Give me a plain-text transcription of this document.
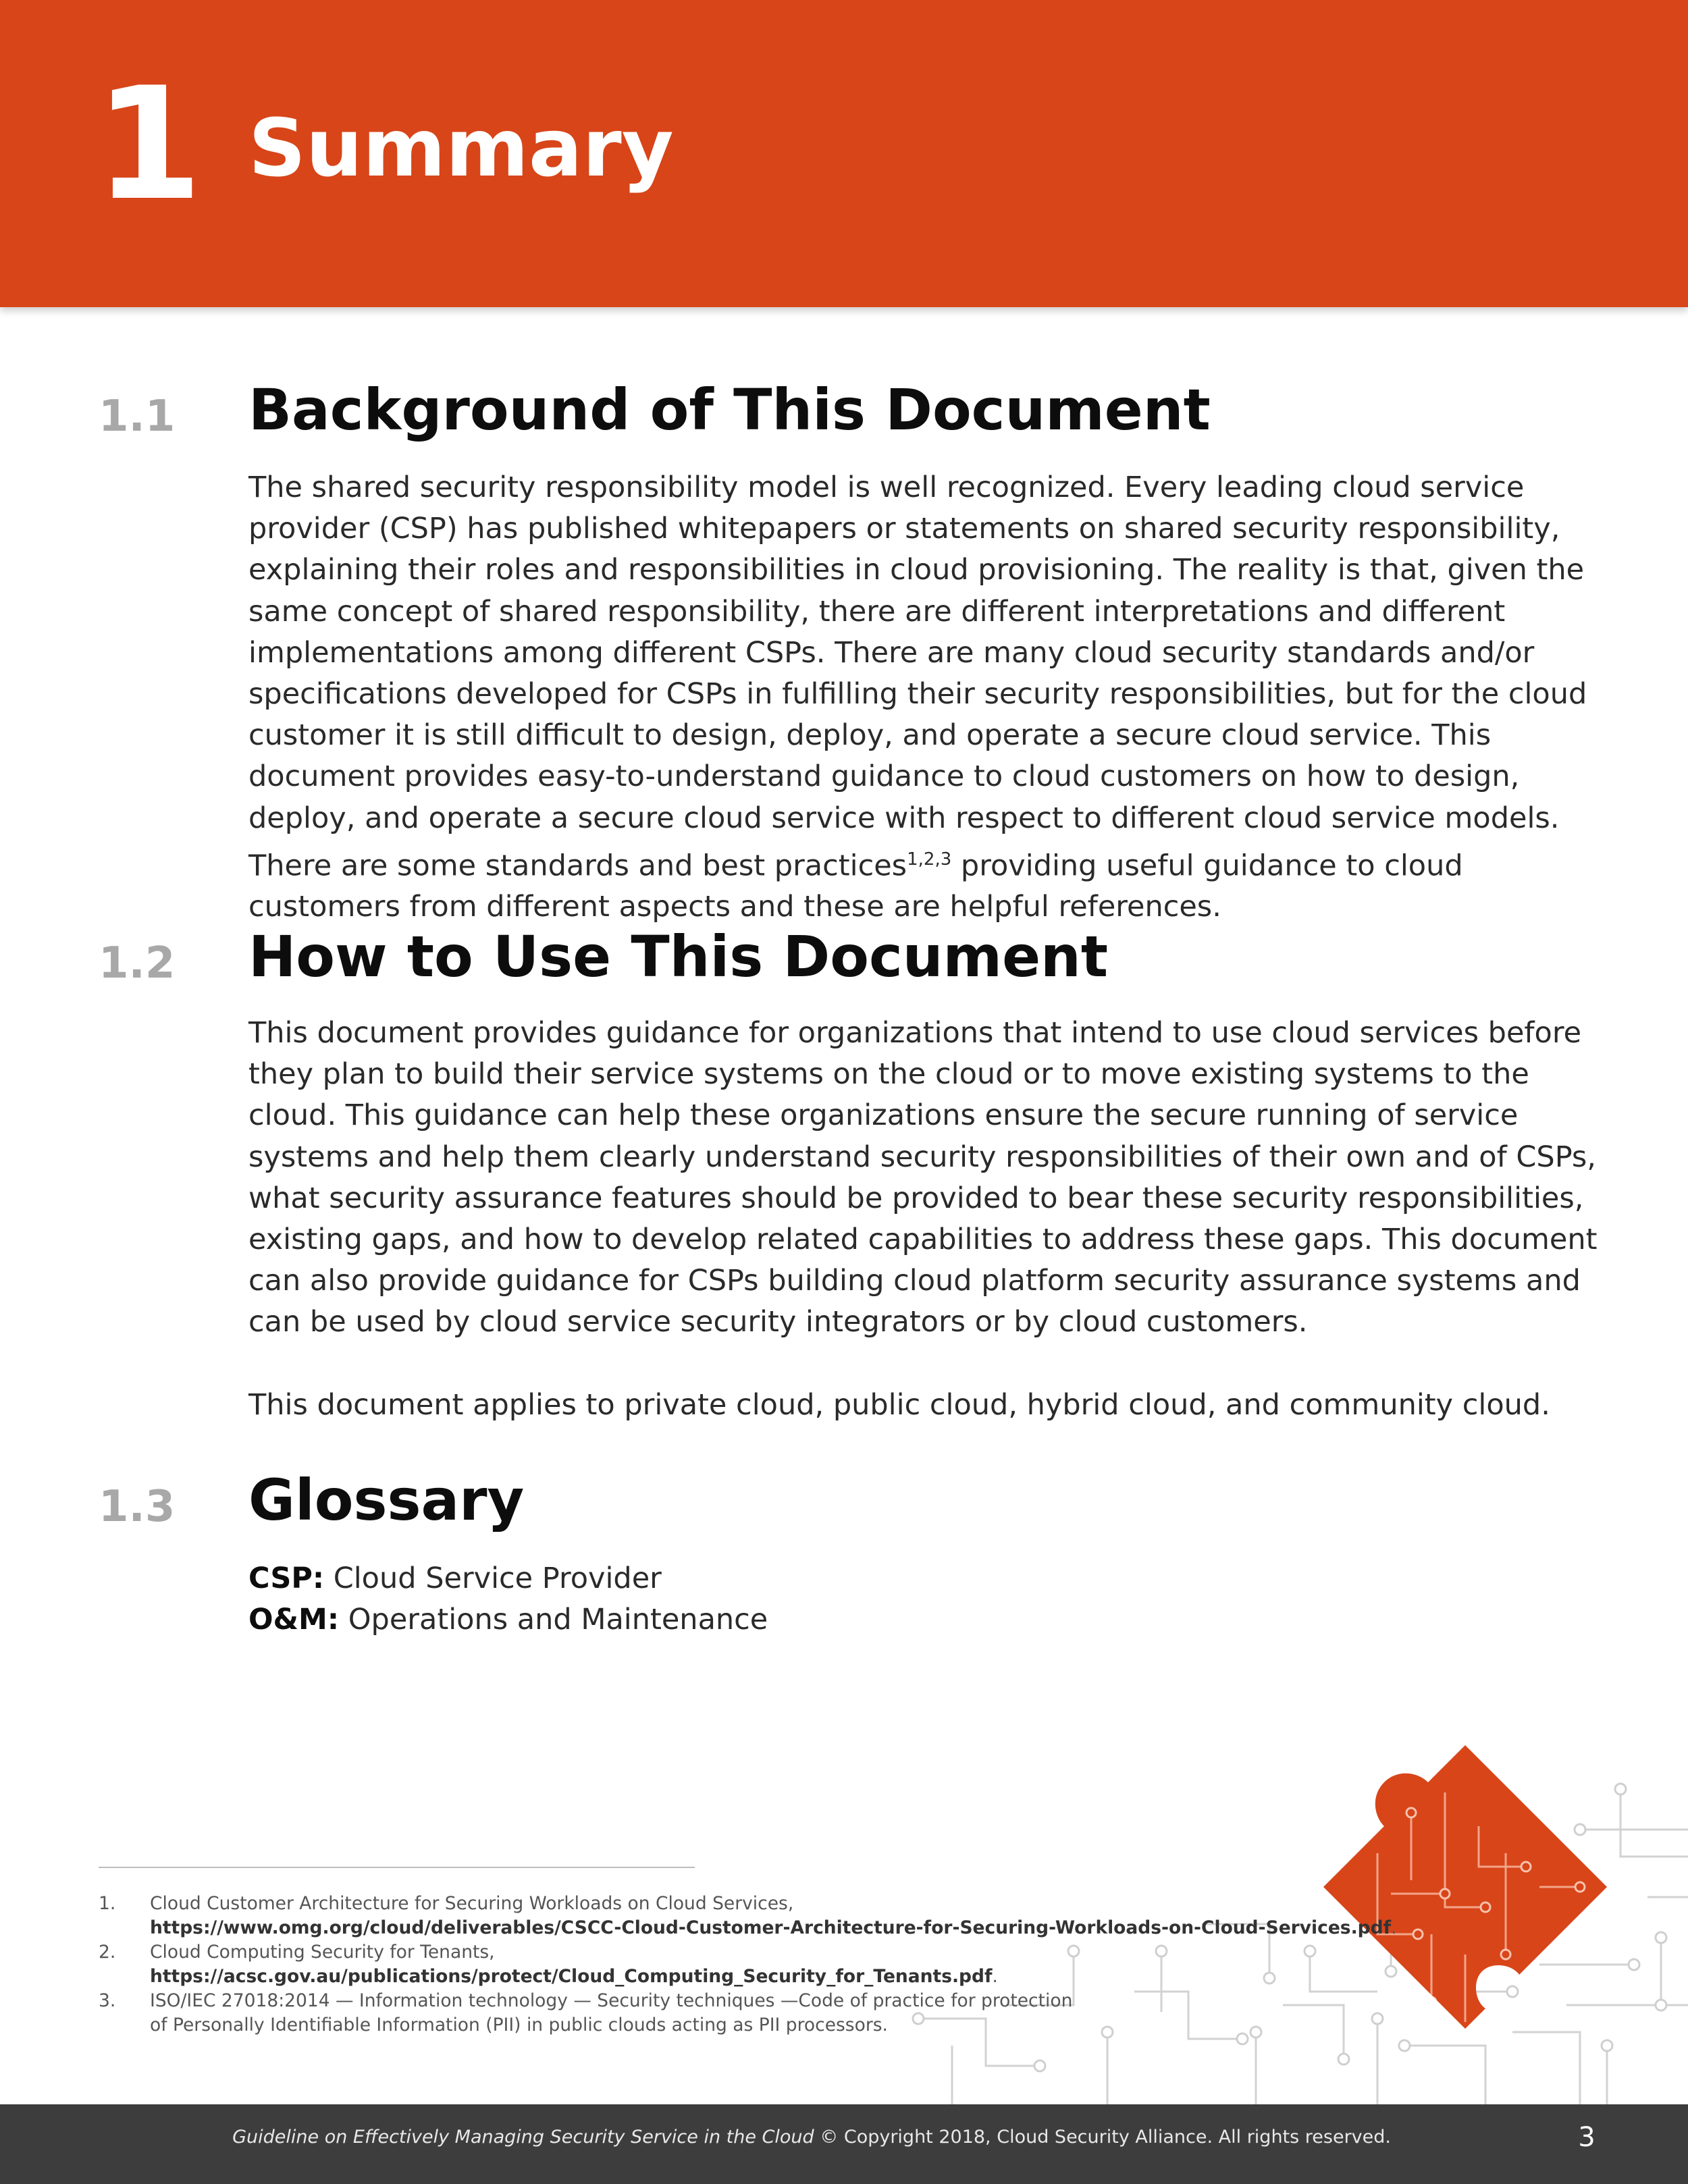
1 Summary
1.1 Background of This Document

The shared security responsibility model is well recognized. Every leading cloud service provider (CSP) has published whitepapers or statements on shared security responsibility, explaining their roles and responsibilities in cloud provisioning. The reality is that, given the same concept of shared responsibility, there are different interpretations and different implementations among different CSPs. There are many cloud security standards and/or specifications developed for CSPs in fulfilling their security responsibilities, but for the cloud customer it is still difficult to design, deploy, and operate a secure cloud service. This document provides easy-to-understand guidance to cloud customers on how to design, deploy, and operate a secure cloud service with respect to different cloud service models. There are some standards and best practices$^{1,2,3}$ providing useful guidance to cloud customers from different aspects and these are helpful references.

1.2 How to Use This Document

This document provides guidance for organizations that intend to use cloud services before they plan to build their service systems on the cloud or to move existing systems to the cloud. This guidance can help these organizations ensure the secure running of service systems and help them clearly understand security responsibilities of their own and of CSPs, what security assurance features should be provided to bear these security responsibilities, existing gaps, and how to develop related capabilities to address these gaps. This document can also provide guidance for CSPs building cloud platform security assurance systems and can be used by cloud service security integrators or by cloud customers.

This document applies to private cloud, public cloud, hybrid cloud, and community cloud.

1.3 Glossary
CSP: Cloud Service Provider
O&M: Operations and Maintenance
1. Cloud Customer Architecture for Securing Workloads on Cloud Services,
https://www.omg.org/cloud/deliverables/CSCC-Cloud-Customer-Architecture-for-Securing-Workloads-on-Cloud-Services.pdf.
2. Cloud Computing Security for Tenants,
https://acsc.gov.au/publications/protect/Cloud_Computing_Security_for_Tenants.pdf.
3. ISO/IEC 27018:2014 — Information technology — Security techniques —Code of practice for protection
of Personally Identifiable Information (PII) in public clouds acting as PII processors.
Guideline on Effectively Managing Security Service in the Cloud © Copyright 2018, Cloud Security Alliance. All rights reserved.	3
